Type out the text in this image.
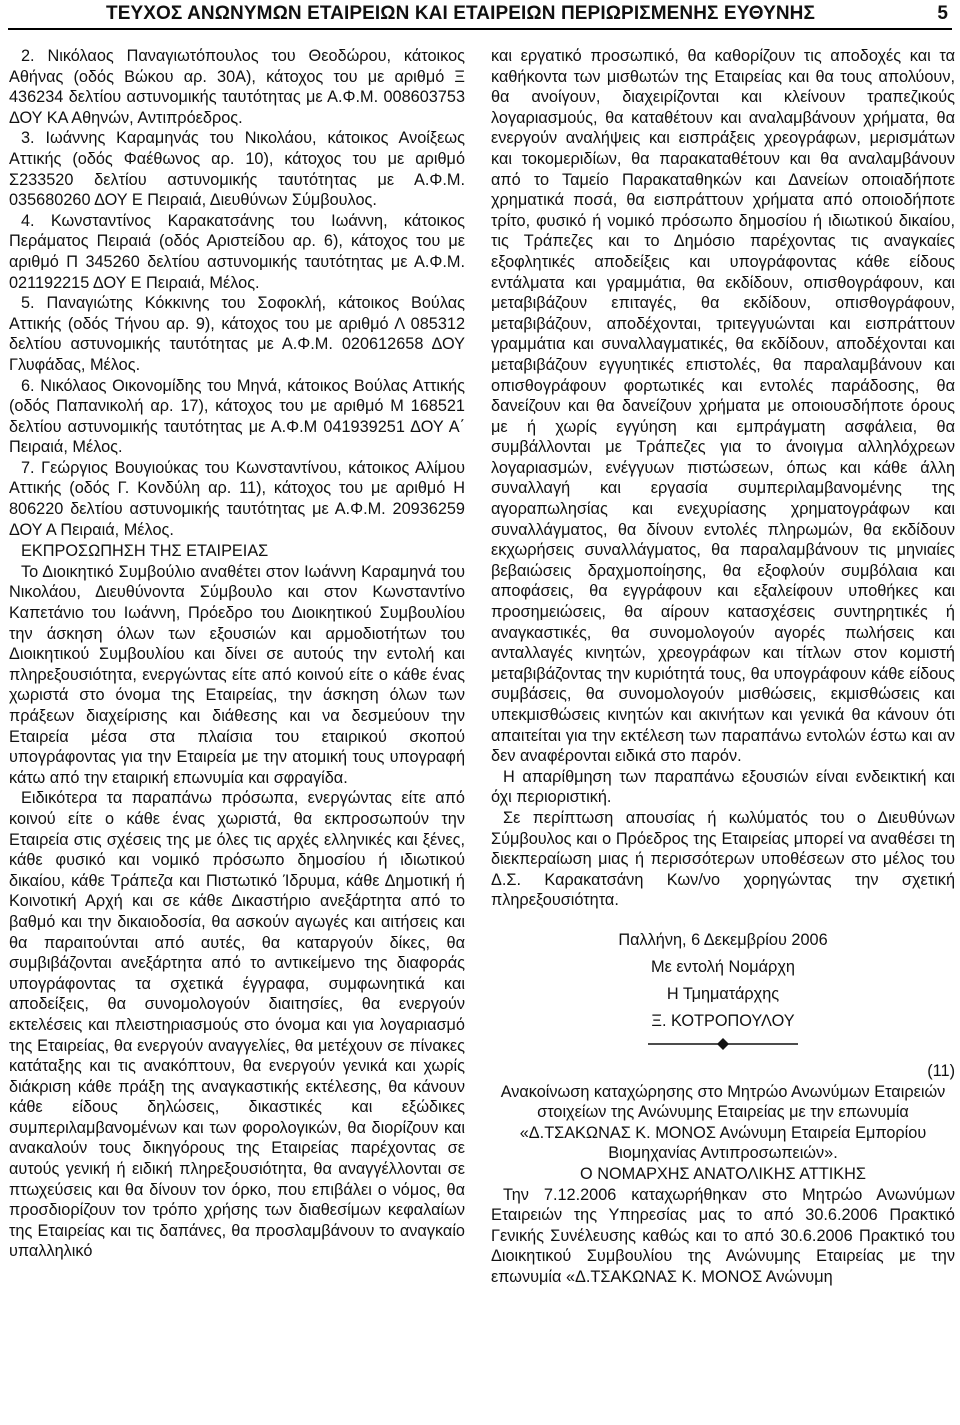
ΤΕΥΧΟΣ ΑΝΩΝΥΜΩΝ ΕΤΑΙΡΕΙΩΝ ΚΑΙ ΕΤΑΙΡΕΙΩΝ ΠΕΡΙΩΡΙΣΜΕΝΗΣ ΕΥΘΥΝΗΣ	5

2. Νικόλαος Παναγιωτόπουλος του Θεοδώρου, κάτοικος Αθήνας (οδός Βώκου αρ. 30Α), κάτοχος του με αριθμό Ξ 436234 δελτίου αστυνομικής ταυτότητας με Α.Φ.Μ. 008603753 ΔΟΥ ΚΑ Αθηνών, Αντιπρόεδρος.

3. Ιωάννης Καραμηνάς του Νικολάου, κάτοικος Ανοίξεως Αττικής (οδός Φαέθωνος αρ. 10), κάτοχος του με αριθμό Σ233520 δελτίου αστυνομικής ταυτότητας με Α.Φ.Μ. 035680260 ΔΟΥ Ε Πειραιά, Διευθύνων Σύμβουλος.

4. Κωνσταντίνος Καρακατσάνης του Ιωάννη, κάτοικος Περάματος Πειραιά (οδός Αριστείδου αρ. 6), κάτοχος του με αριθμό Π 345260 δελτίου αστυνομικής ταυτότητας με Α.Φ.Μ. 021192215 ΔΟΥ Ε Πειραιά, Μέλος.

5. Παναγιώτης Κόκκινης του Σοφοκλή, κάτοικος Βούλας Αττικής (οδός Τήνου αρ. 9), κάτοχος του με αριθμό Λ 085312 δελτίου αστυνομικής ταυτότητας με Α.Φ.Μ. 020612658 ΔΟΥ Γλυφάδας, Μέλος.

6. Νικόλαος Οικονομίδης του Μηνά, κάτοικος Βούλας Αττικής (οδός Παπανικολή αρ. 17), κάτοχος του με αριθμό Μ 168521 δελτίου αστυνομικής ταυτότητας με Α.Φ.Μ 041939251 ΔΟΥ Α΄ Πειραιά, Μέλος.

7. Γεώργιος Βουγιούκας του Κωνσταντίνου, κάτοικος Αλίμου Αττικής (οδός Γ. Κονδύλη αρ. 11), κάτοχος του με αριθμό Η 806220 δελτίου αστυνομικής ταυτότητας με Α.Φ.Μ. 20936259 ΔΟΥ Α Πειραιά, Μέλος.

ΕΚΠΡΟΣΩΠΗΣΗ ΤΗΣ ΕΤΑΙΡΕΙΑΣ

Το Διοικητικό Συμβούλιο αναθέτει στον Ιωάννη Καραμηνά του Νικολάου, Διευθύνοντα Σύμβουλο και στον Κωνσταντίνο Καπετάνιο του Ιωάννη, Πρόεδρο του Διοικητικού Συμβουλίου την άσκηση όλων των εξουσιών και αρμοδιοτήτων του Διοικητικού Συμβουλίου και δίνει σε αυτούς την εντολή και πληρεξουσιότητα, ενεργώντας είτε από κοινού είτε ο κάθε ένας χωριστά στο όνομα της Εταιρείας, την άσκηση όλων των πράξεων διαχείρισης και διάθεσης και να δεσμεύουν την Εταιρεία μέσα στα πλαίσια του εταιρικού σκοπού υπογράφοντας για την Εταιρεία με την ατομική τους υπογραφή κάτω από την εταιρική επωνυμία και σφραγίδα.

Ειδικότερα τα παραπάνω πρόσωπα, ενεργώντας είτε από κοινού είτε ο κάθε ένας χωριστά, θα εκπροσωπούν την Εταιρεία στις σχέσεις της με όλες τις αρχές ελληνικές και ξένες, κάθε φυσικό και νομικό πρόσωπο δημοσίου ή ιδιωτικού δικαίου, κάθε Τράπεζα και Πιστωτικό Ίδρυμα, κάθε Δημοτική ή Κοινοτική Αρχή και σε κάθε Δικαστήριο ανεξάρτητα από το βαθμό και την δικαιοδοσία, θα ασκούν αγωγές και αιτήσεις και θα παραιτούνται από αυτές, θα καταργούν δίκες, θα συμβιβάζονται ανεξάρτητα από το αντικείμενο της διαφοράς υπογράφοντας τα σχετικά έγγραφα, συμφωνητικά και αποδείξεις, θα συνομολογούν διαιτησίες, θα ενεργούν εκτελέσεις και πλειστηριασμούς στο όνομα και για λογαριασμό της Εταιρείας, θα ενεργούν αναγγελίες, θα μετέχουν σε πίνακες κατάταξης και τις ανακόπτουν, θα ενεργούν γενικά και χωρίς διάκριση κάθε πράξη της αναγκαστικής εκτέλεσης, θα κάνουν κάθε είδους δηλώσεις, δικαστικές και εξώδικες συμπεριλαμβανομένων και των φορολογικών, θα διορίζουν και ανακαλούν τους δικηγόρους της Εταιρείας παρέχοντας σε αυτούς γενική ή ειδική πληρεξουσιότητα, θα αναγγέλλονται σε πτωχεύσεις και θα δίνουν τον όρκο, που επιβάλει ο νόμος, θα προσδιορίζουν τον τρόπο χρήσης των διαθεσίμων κεφαλαίων της Εταιρείας και τις δαπάνες, θα προσλαμβάνουν το αναγκαίο υπαλληλικό

και εργατικό προσωπικό, θα καθορίζουν τις αποδοχές και τα καθήκοντα των μισθωτών της Εταιρείας και θα τους απολύουν, θα ανοίγουν, διαχειρίζονται και κλείνουν τραπεζικούς λογαριασμούς, θα καταθέτουν και αναλαμβάνουν χρήματα, θα ενεργούν αναλήψεις και εισπράξεις χρεογράφων, μερισμάτων και τοκομεριδίων, θα παρακαταθέτουν και θα αναλαμβάνουν από το Ταμείο Παρακαταθηκών και Δανείων οποιαδήποτε χρηματικά ποσά, θα εισπράττουν χρήματα από οποιοδήποτε τρίτο, φυσικό ή νομικό πρόσωπο δημοσίου ή ιδιωτικού δικαίου, τις Τράπεζες και το Δημόσιο παρέχοντας τις αναγκαίες εξοφλητικές αποδείξεις και υπογράφοντας κάθε είδους εντάλματα και γραμμάτια, θα εκδίδουν, οπισθογράφουν, και μεταβιβάζουν επιταγές, θα εκδίδουν, οπισθογράφουν, μεταβιβάζουν, αποδέχονται, τριτεγγυώνται και εισπράττουν γραμμάτια και συναλλαγματικές, θα εκδίδουν, αποδέχονται και μεταβιβάζουν εγγυητικές επιστολές, θα παραλαμβάνουν και οπισθογράφουν φορτωτικές και εντολές παράδοσης, θα δανείζουν και θα δανείζουν χρήματα με οποιουσδήποτε όρους με ή χωρίς εγγύηση και εμπράγματη ασφάλεια, θα συμβάλλονται με Τράπεζες για το άνοιγμα αλληλόχρεων λογαριασμών, ενέγγυων πιστώσεων, όπως και κάθε άλλη συναλλαγή και εργασία συμπεριλαμβανομένης της αγοραπωλησίας και ενεχυρίασης χρηματογράφων και συναλλάγματος, θα δίνουν εντολές πληρωμών, θα εκδίδουν εκχωρήσεις συναλλάγματος, θα παραλαμβάνουν τις μηνιαίες βεβαιώσεις δραχμοποίησης, θα εξοφλούν συμβόλαια και αποφάσεις, θα εγγράφουν και εξαλείφουν υποθήκες και προσημειώσεις, θα αίρουν κατασχέσεις συντηρητικές ή αναγκαστικές, θα συνομολογούν αγορές πωλήσεις και ανταλλαγές κινητών, χρεογράφων και τίτλων στον κομιστή μεταβιβάζοντας την κυριότητά τους, θα υπογράφουν κάθε είδους συμβάσεις, θα συνομολογούν μισθώσεις, εκμισθώσεις και υπεκμισθώσεις κινητών και ακινήτων και γενικά θα κάνουν ότι απαιτείται για την εκτέλεση των παραπάνω εντολών έστω και αν δεν αναφέρονται ειδικά στο παρόν.

Η απαρίθμηση των παραπάνω εξουσιών είναι ενδεικτική και όχι περιοριστική.

Σε περίπτωση απουσίας ή κωλύματός του ο Διευθύνων Σύμβουλος και ο Πρόεδρος της Εταιρείας μπορεί να αναθέσει τη διεκπεραίωση μιας ή περισσότερων υποθέσεων στο μέλος του Δ.Σ. Καρακατσάνη Κων/νο χορηγώντας την σχετική πληρεξουσιότητα.

Παλλήνη, 6 Δεκεμβρίου 2006

Με εντολή Νομάρχη

Η Τμηματάρχης

Ξ. ΚΟΤΡΟΠΟΥΛΟΥ

(11)

Ανακοίνωση καταχώρησης στο Μητρώο Ανωνύμων Εταιρειών στοιχείων της Ανώνυμης Εταιρείας με την επωνυμία «Δ.ΤΣΑΚΩΝΑΣ Κ. ΜΟΝΟΣ Ανώνυμη Εταιρεία Εμπορίου Βιομηχανίας Αντιπροσωπειών».

Ο ΝΟΜΑΡΧΗΣ ΑΝΑΤΟΛΙΚΗΣ ΑΤΤΙΚΗΣ

Την 7.12.2006 καταχωρήθηκαν στο Μητρώο Ανωνύμων Εταιρειών της Υπηρεσίας μας το από 30.6.2006 Πρακτικό Γενικής Συνέλευσης καθώς και το από 30.6.2006 Πρακτικό του Διοικητικού Συμβουλίου της Ανώνυμης Εταιρείας με την επωνυμία «Δ.ΤΣΑΚΩΝΑΣ Κ. ΜΟΝΟΣ Ανώνυμη
